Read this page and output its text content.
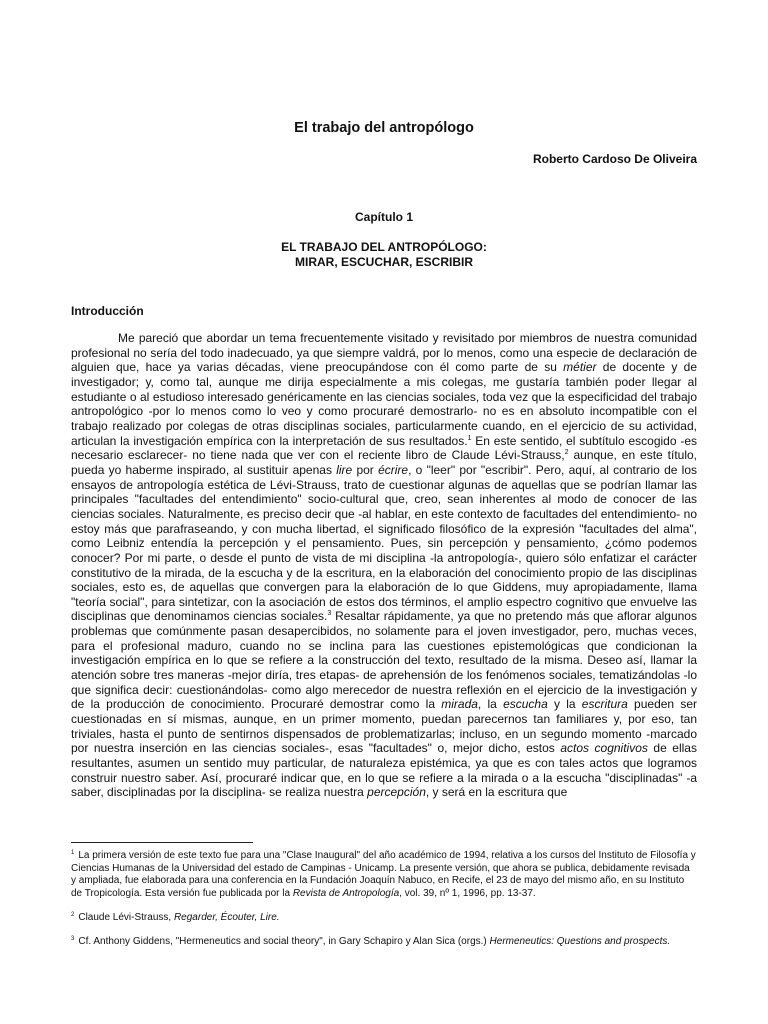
El trabajo del antropólogo
Roberto Cardoso De Oliveira
Capítulo 1
EL TRABAJO DEL ANTROPÓLOGO:
MIRAR, ESCUCHAR, ESCRIBIR
Introducción

Me pareció que abordar un tema frecuentemente visitado y revisitado por miembros de nuestra comunidad profesional no sería del todo inadecuado, ya que siempre valdrá, por lo menos, como una especie de declaración de alguien que, hace ya varias décadas, viene preocupándose con él como parte de su métier de docente y de investigador; y, como tal, aunque me dirija especialmente a mis colegas, me gustaría también poder llegar al estudiante o al estudioso interesado genéricamente en las ciencias sociales, toda vez que la especificidad del trabajo antropológico -por lo menos como lo veo y como procuraré demostrarlo- no es en absoluto incompatible con el trabajo realizado por colegas de otras disciplinas sociales, particularmente cuando, en el ejercicio de su actividad, articulan la investigación empírica con la interpretación de sus resultados.$^1$ En este sentido, el subtítulo escogido -es necesario esclarecer- no tiene nada que ver con el reciente libro de Claude Lévi-Strauss,$^2$ aunque, en este título, pueda yo haberme inspirado, al sustituir apenas lire por écrire, o "leer" por "escribir". Pero, aquí, al contrario de los ensayos de antropología estética de Lévi-Strauss, trato de cuestionar algunas de aquellas que se podrían llamar las principales "facultades del entendimiento" socio-cultural que, creo, sean inherentes al modo de conocer de las ciencias sociales. Naturalmente, es preciso decir que -al hablar, en este contexto de facultades del entendimiento- no estoy más que parafraseando, y con mucha libertad, el significado filosófico de la expresión "facultades del alma", como Leibniz entendía la percepción y el pensamiento. Pues, sin percepción y pensamiento, ¿cómo podemos conocer? Por mi parte, o desde el punto de vista de mi disciplina -la antropología-, quiero sólo enfatizar el carácter constitutivo de la mirada, de la escucha y de la escritura, en la elaboración del conocimiento propio de las disciplinas sociales, esto es, de aquellas que convergen para la elaboración de lo que Giddens, muy apropiadamente, llama "teoría social", para sintetizar, con la asociación de estos dos términos, el amplio espectro cognitivo que envuelve las disciplinas que denominamos ciencias sociales.$^3$ Resaltar rápidamente, ya que no pretendo más que aflorar algunos problemas que comúnmente pasan desapercibidos, no solamente para el joven investigador, pero, muchas veces, para el profesional maduro, cuando no se inclina para las cuestiones epistemológicas que condicionan la investigación empírica en lo que se refiere a la construcción del texto, resultado de la misma. Deseo así, llamar la atención sobre tres maneras -mejor diría, tres etapas- de aprehensión de los fenómenos sociales, tematizándolas -lo que significa decir: cuestionándolas- como algo merecedor de nuestra reflexión en el ejercicio de la investigación y de la producción de conocimiento. Procuraré demostrar como la mirada, la escucha y la escritura pueden ser cuestionadas en sí mismas, aunque, en un primer momento, puedan parecernos tan familiares y, por eso, tan triviales, hasta el punto de sentirnos dispensados de problematizarlas; incluso, en un segundo momento -marcado por nuestra inserción en las ciencias sociales-, esas "facultades" o, mejor dicho, estos actos cognitivos de ellas resultantes, asumen un sentido muy particular, de naturaleza epistémica, ya que es con tales actos que logramos construir nuestro saber. Así, procuraré indicar que, en lo que se refiere a la mirada o a la escucha "disciplinadas" -a saber, disciplinadas por la disciplina- se realiza nuestra percepción, y será en la escritura que

$^1$ La primera versión de este texto fue para una "Clase Inaugural" del año académico de 1994, relativa a los cursos del Instituto de Filosofía y Ciencias Humanas de la Universidad del estado de Campinas - Unicamp. La presente versión, que ahora se publica, debidamente revisada y ampliada, fue elaborada para una conferencia en la Fundación Joaquín Nabuco, en Recife, el 23 de mayo del mismo año, en su Instituto de Tropicología. Esta versión fue publicada por la Revista de Antropología, vol. 39, nº 1, 1996, pp. 13-37.

$^2$ Claude Lévi-Strauss, Regarder, Écouter, Lire.

$^3$ Cf. Anthony Giddens, "Hermeneutics and social theory", in Gary Schapiro y Alan Sica (orgs.) Hermeneutics: Questions and prospects.
